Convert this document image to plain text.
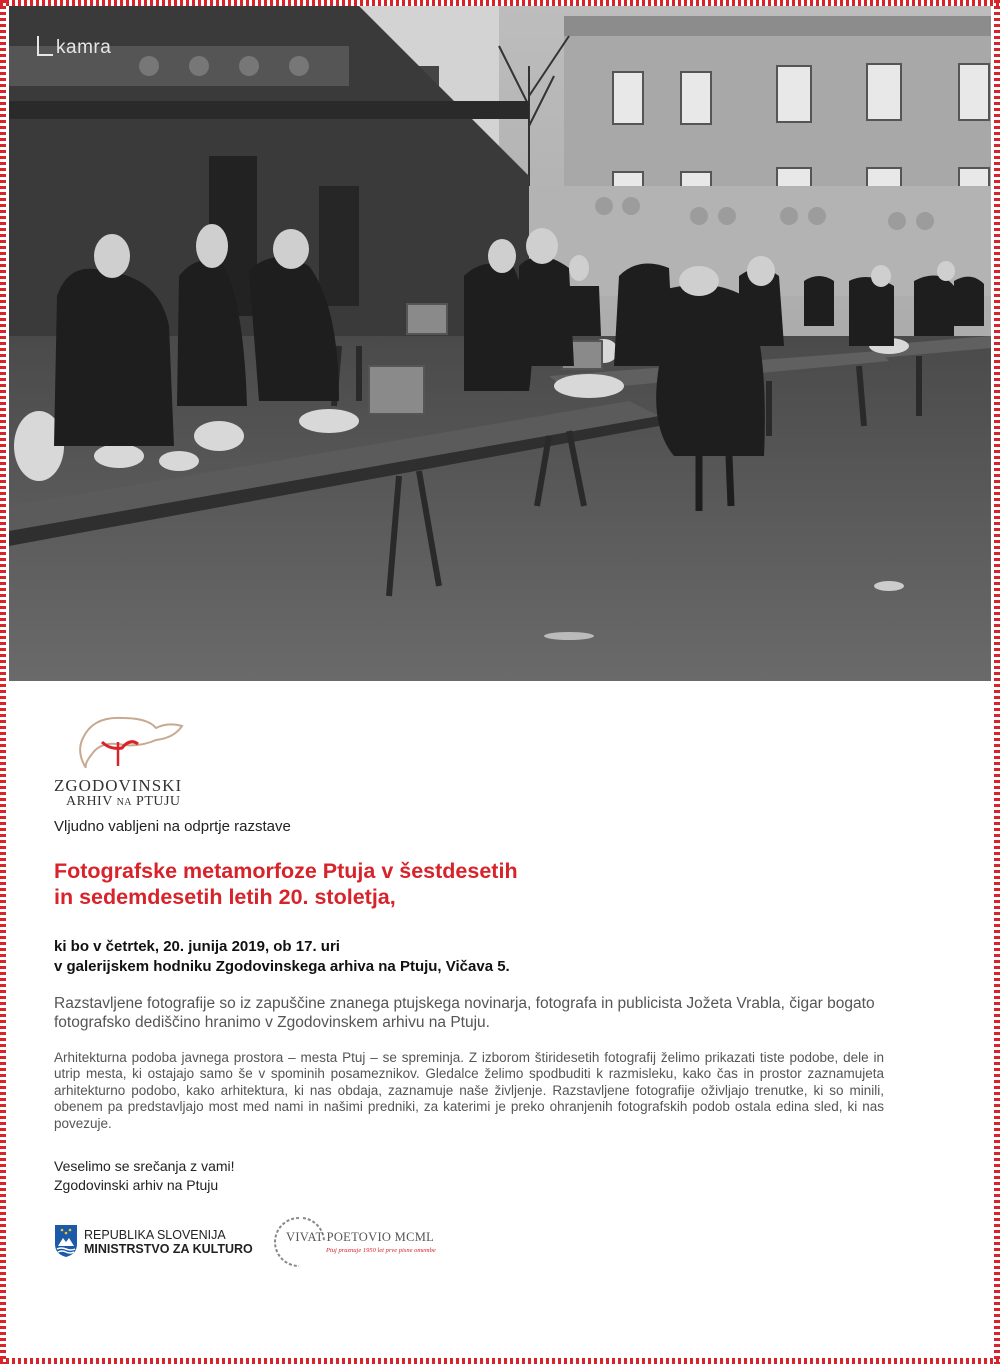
kamra
ZGODOVINSKI
ARHIV NA PTUJU
Vljudno vabljeni na odprtje razstave
Fotografske metamorfoze Ptuja v šestdesetih
in sedemdesetih letih 20. stoletja,
ki bo v četrtek, 20. junija 2019, ob 17. uri
v galerijskem hodniku Zgodovinskega arhiva na Ptuju, Vičava 5.
Razstavljene fotografije so iz zapuščine znanega ptujskega novinarja, fotografa in publicista Jožeta Vrabla, čigar bogato fotografsko dediščino hranimo v Zgodovinskem arhivu na Ptuju.
Arhitekturna podoba javnega prostora – mesta Ptuj – se spreminja. Z izborom štiridesetih fotografij želimo prikazati tiste podobe, dele in utrip mesta, ki ostajajo samo še v spominih posameznikov. Gledalce želimo spodbuditi k razmisleku, kako čas in prostor zaznamujeta arhitekturno podobo, kako arhitektura, ki nas obdaja, zaznamuje naše življenje. Razstavljene fotografije oživljajo trenutke, ki so minili, obenem pa predstavljajo most med nami in našimi predniki, za katerimi je preko ohranjenih fotografskih podob ostala edina sled, ki nas povezuje.
Veselimo se srečanja z vami!
Zgodovinski arhiv na Ptuju
REPUBLIKA SLOVENIJA
MINISTRSTVO ZA KULTURO
VIVAT POETOVIO MCML
Ptuj praznuje 1950 let prve pisne omembe
